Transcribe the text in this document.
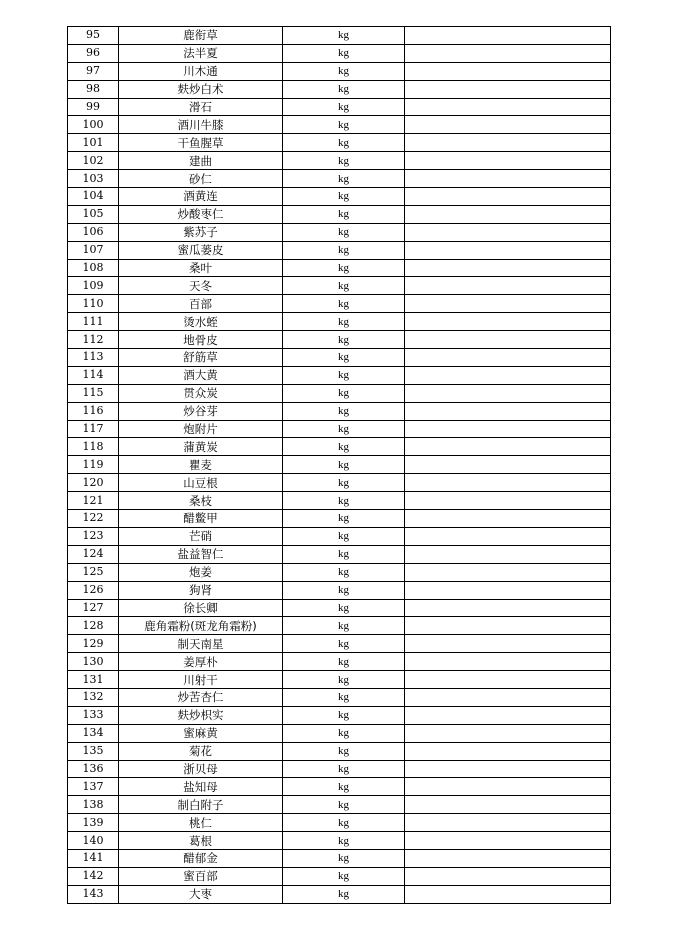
95	鹿衔草	kg	
96	法半夏	kg	
97	川木通	kg	
98	麸炒白术	kg	
99	滑石	kg	
100	酒川牛膝	kg	
101	干鱼腥草	kg	
102	建曲	kg	
103	砂仁	kg	
104	酒黄连	kg	
105	炒酸枣仁	kg	
106	紫苏子	kg	
107	蜜瓜蒌皮	kg	
108	桑叶	kg	
109	天冬	kg	
110	百部	kg	
111	烫水蛭	kg	
112	地骨皮	kg	
113	舒筋草	kg	
114	酒大黄	kg	
115	贯众炭	kg	
116	炒谷芽	kg	
117	炮附片	kg	
118	蒲黄炭	kg	
119	瞿麦	kg	
120	山豆根	kg	
121	桑枝	kg	
122	醋鳖甲	kg	
123	芒硝	kg	
124	盐益智仁	kg	
125	炮姜	kg	
126	狗肾	kg	
127	徐长卿	kg	
128	鹿角霜粉(斑龙角霜粉)	kg	
129	制天南星	kg	
130	姜厚朴	kg	
131	川射干	kg	
132	炒苦杏仁	kg	
133	麸炒枳实	kg	
134	蜜麻黄	kg	
135	菊花	kg	
136	浙贝母	kg	
137	盐知母	kg	
138	制白附子	kg	
139	桃仁	kg	
140	葛根	kg	
141	醋郁金	kg	
142	蜜百部	kg	
143	大枣	kg	
